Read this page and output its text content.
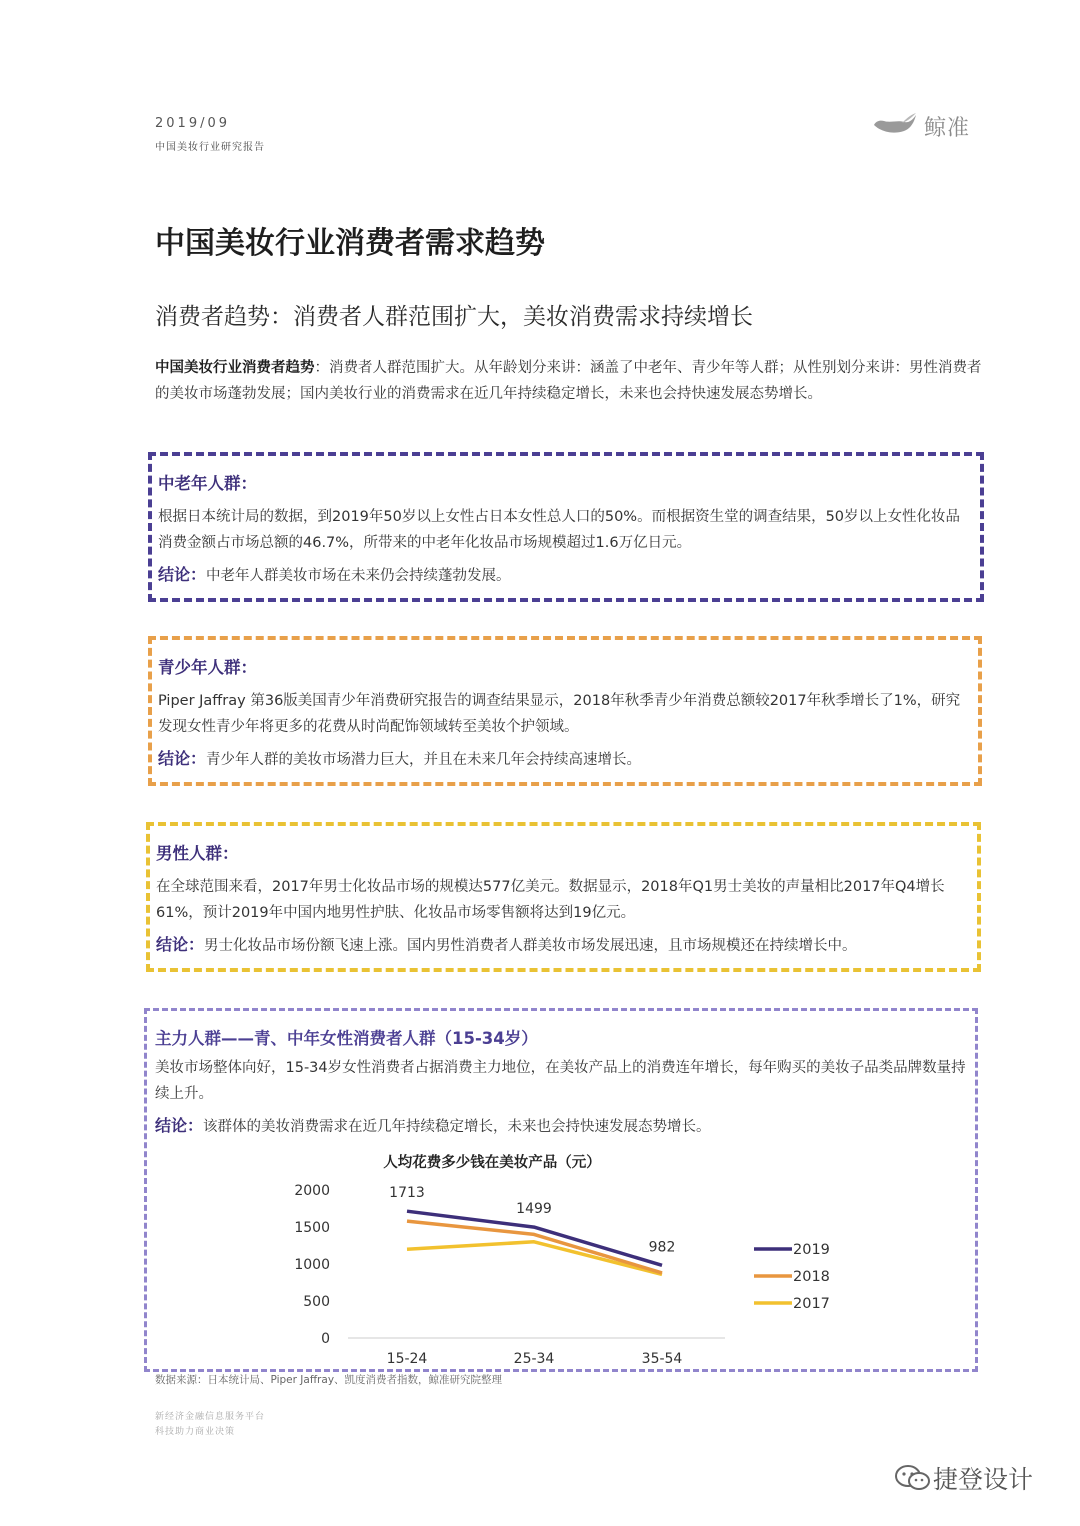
2019/09
中国美妆行业研究报告
鲸准
中国美妆行业消费者需求趋势
消费者趋势：消费者人群范围扩大，美妆消费需求持续增长
中国美妆行业消费者趋势：消费者人群范围扩大。从年龄划分来讲：涵盖了中老年、青少年等人群；从性别划分来讲：男性消费者的美妆市场蓬勃发展；国内美妆行业的消费需求在近几年持续稳定增长，未来也会持快速发展态势增长。
中老年人群：
根据日本统计局的数据，到2019年50岁以上女性占日本女性总人口的50%。而根据资生堂的调查结果，50岁以上女性化妆品消费金额占市场总额的46.7%，所带来的中老年化妆品市场规模超过1.6万亿日元。
结论：中老年人群美妆市场在未来仍会持续蓬勃发展。
青少年人群：
Piper Jaffray 第36版美国青少年消费研究报告的调查结果显示，2018年秋季青少年消费总额较2017年秋季增长了1%，研究发现女性青少年将更多的花费从时尚配饰领域转至美妆个护领域。
结论：青少年人群的美妆市场潜力巨大，并且在未来几年会持续高速增长。
男性人群：
在全球范围来看，2017年男士化妆品市场的规模达577亿美元。数据显示，2018年Q1男士美妆的声量相比2017年Q4增长61%，预计2019年中国内地男性护肤、化妆品市场零售额将达到19亿元。
结论：男士化妆品市场份额飞速上涨。国内男性消费者人群美妆市场发展迅速，且市场规模还在持续增长中。
主力人群——青、中年女性消费者人群（15-34岁）
美妆市场整体向好，15-34岁女性消费者占据消费主力地位，在美妆产品上的消费连年增长，每年购买的美妆子品类品牌数量持续上升。
结论：该群体的美妆消费需求在近几年持续稳定增长，未来也会持快速发展态势增长。
人均花费多少钱在美妆产品（元）
0
500
1000
1500
2000
15-24	25-34	35-54
1713
1499
982	2019
2018
2017
数据来源：日本统计局、Piper Jaffray、凯度消费者指数，鲸准研究院整理
新经济金融信息服务平台
科技助力商业决策
捷登设计
